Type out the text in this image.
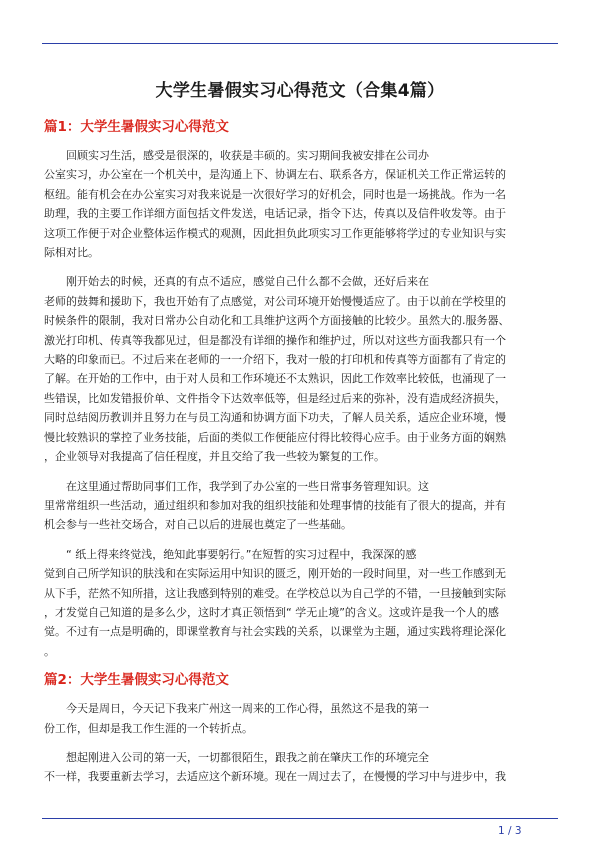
大学生暑假实习心得范文（合集4篇）
篇1：大学生暑假实习心得范文
回顾实习生活，感受是很深的，收获是丰硕的。实习期间我被安排在公司办
公室实习，办公室在一个机关中，是沟通上下、协调左右、联系各方，保证机关工作正常运转的
枢纽。能有机会在办公室实习对我来说是一次很好学习的好机会，同时也是一场挑战。作为一名
助理，我的主要工作详细方面包括文件发送，电话记录，指令下达，传真以及信件收发等。由于
这项工作便于对企业整体运作模式的观测，因此担负此项实习工作更能够将学过的专业知识与实
际相对比。
刚开始去的时候，还真的有点不适应，感觉自己什么都不会做，还好后来在
老师的鼓舞和援助下，我也开始有了点感觉，对公司环境开始慢慢适应了。由于以前在学校里的
时候条件的限制，我对日常办公自动化和工具维护这两个方面接触的比较少。虽然大的.服务器、
激光打印机、传真等我都见过，但是都没有详细的操作和维护过，所以对这些方面我都只有一个
大略的印象而已。不过后来在老师的一一介绍下，我对一般的打印机和传真等方面都有了肯定的
了解。在开始的工作中，由于对人员和工作环境还不太熟识，因此工作效率比较低，也涌现了一
些错误，比如发错报价单、文件指令下达效率低等，但是经过后来的弥补，没有造成经济损失，
同时总结阅历教训并且努力在与员工沟通和协调方面下功夫，了解人员关系，适应企业环境，慢
慢比较熟识的掌控了业务技能，后面的类似工作便能应付得比较得心应手。由于业务方面的娴熟
，企业领导对我提高了信任程度，并且交给了我一些较为繁复的工作。
在这里通过帮助同事们工作，我学到了办公室的一些日常事务管理知识。这
里常常组织一些活动，通过组织和参加对我的组织技能和处理事情的技能有了很大的提高，并有
机会参与一些社交场合，对自己以后的进展也奠定了一些基础。
“ 纸上得来终觉浅，绝知此事要躬行。”在短暂的实习过程中，我深深的感
觉到自己所学知识的肤浅和在实际运用中知识的匮乏，刚开始的一段时间里，对一些工作感到无
从下手，茫然不知所措，这让我感到特别的难受。在学校总以为自己学的不错，一旦接触到实际
，才发觉自己知道的是多么少，这时才真正领悟到“ 学无止境”的含义。这或许是我一个人的感
觉。不过有一点是明确的，即课堂教育与社会实践的关系，以课堂为主题，通过实践将理论深化
。
篇2：大学生暑假实习心得范文
今天是周日，今天记下我来广州这一周来的工作心得，虽然这不是我的第一
份工作，但却是我工作生涯的一个转折点。
想起刚进入公司的第一天，一切都很陌生，跟我之前在肇庆工作的环境完全
不一样，我要重新去学习，去适应这个新环境。现在一周过去了，在慢慢的学习中与进步中，我
1 / 3
